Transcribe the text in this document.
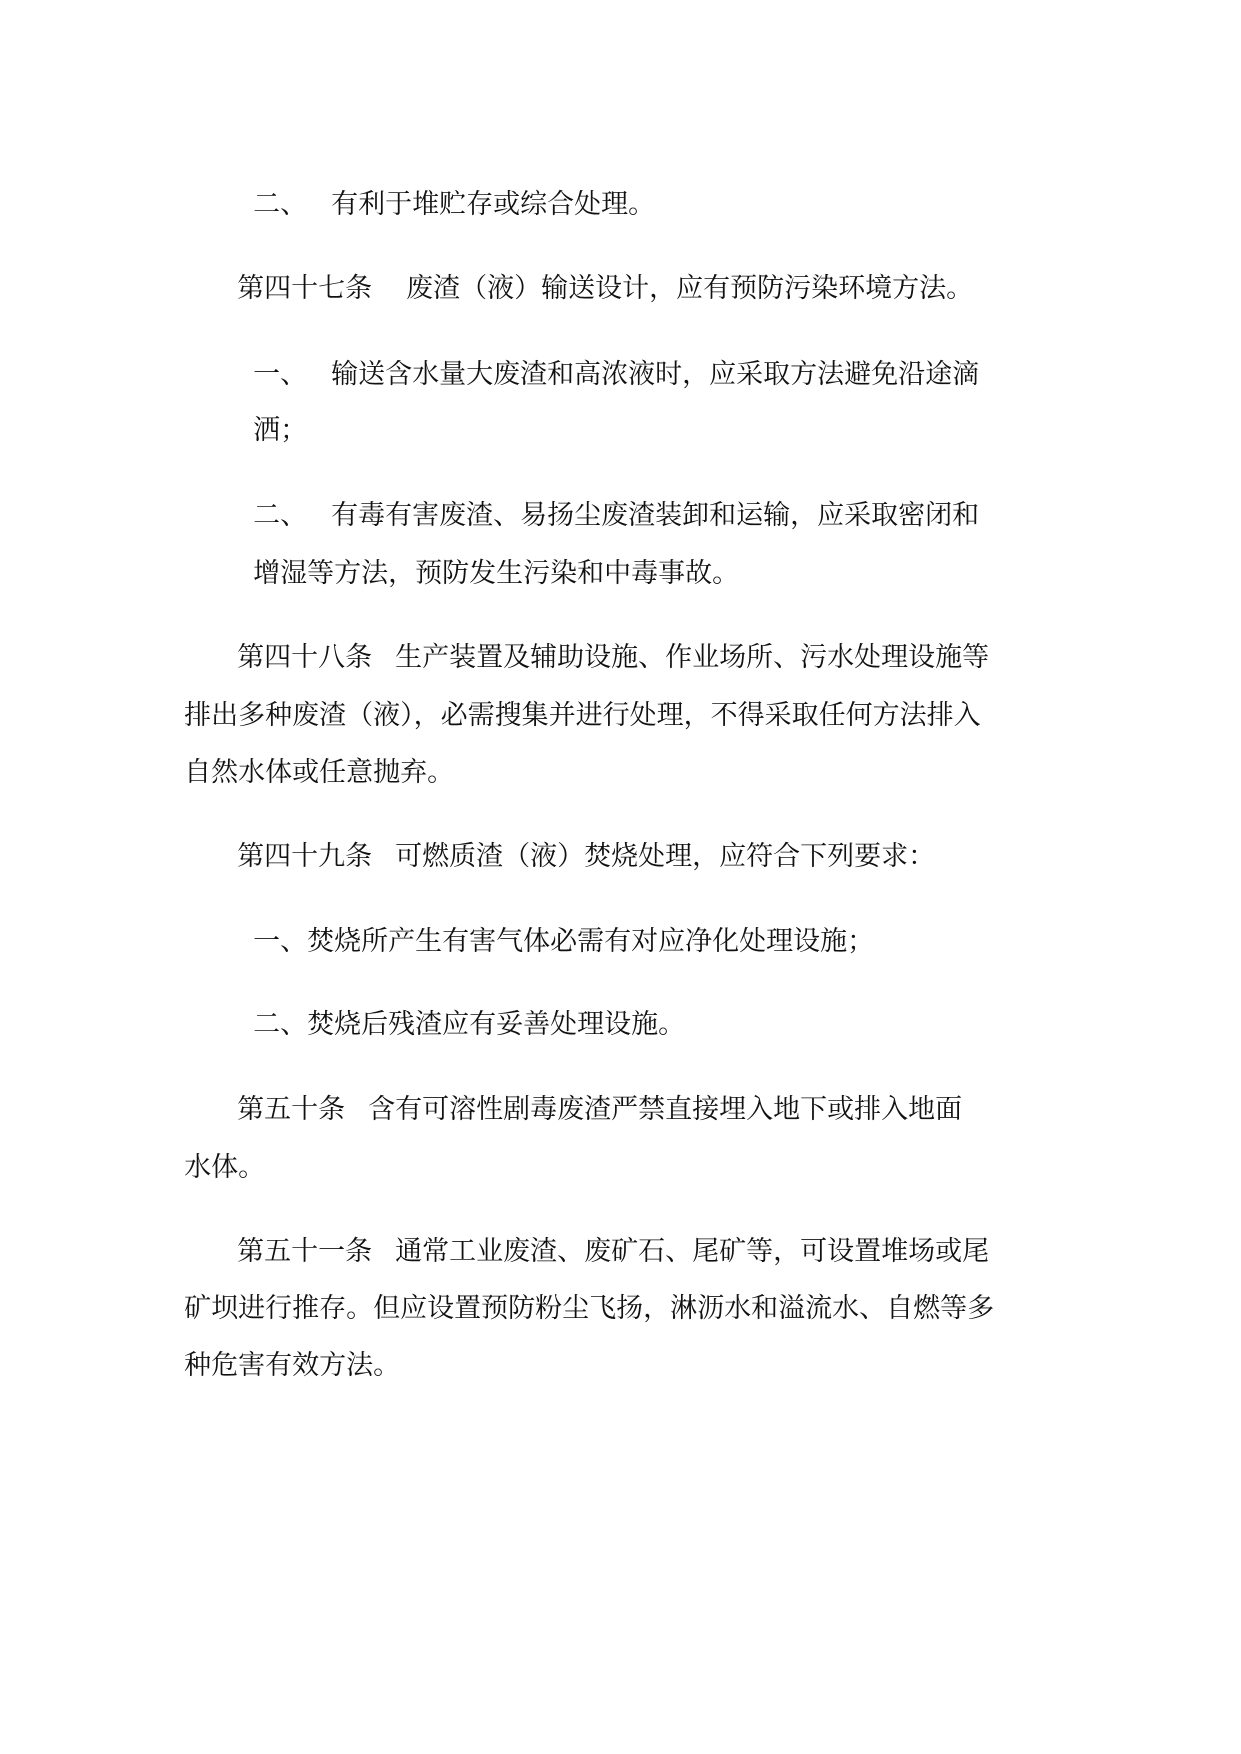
二、 有利于堆贮存或综合处理。

第四十七条 废渣（液）输送设计，应有预防污染环境方法。

一、 输送含水量大废渣和高浓液时，应采取方法避免沿途滴

洒；

二、 有毒有害废渣、易扬尘废渣装卸和运输，应采取密闭和

增湿等方法，预防发生污染和中毒事故。

第四十八条 生产装置及辅助设施、作业场所、污水处理设施等

排出多种废渣（液），必需搜集并进行处理，不得采取任何方法排入

自然水体或任意抛弃。

第四十九条 可燃质渣（液）焚烧处理，应符合下列要求：

一、焚烧所产生有害气体必需有对应净化处理设施；

二、焚烧后残渣应有妥善处理设施。

第五十条 含有可溶性剧毒废渣严禁直接埋入地下或排入地面

水体。

第五十一条 通常工业废渣、废矿石、尾矿等，可设置堆场或尾

矿坝进行推存。但应设置预防粉尘飞扬，淋沥水和溢流水、自燃等多

种危害有效方法。
